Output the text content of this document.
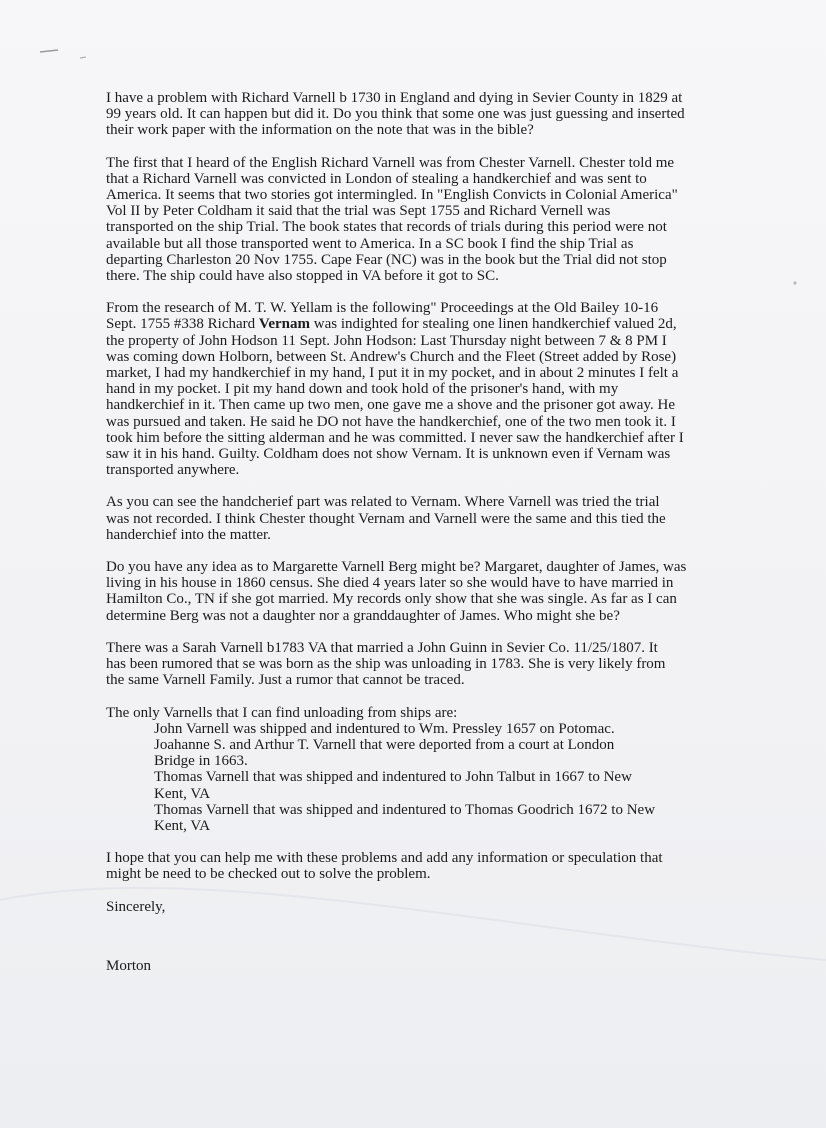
I have a problem with Richard Varnell b 1730 in England and dying in Sevier County in 1829 at
99 years old. It can happen but did it. Do you think that some one was just guessing and inserted
their work paper with the information on the note that was in the bible?
The first that I heard of the English Richard Varnell was from Chester Varnell. Chester told me
that a Richard Varnell was convicted in London of stealing a handkerchief and was sent to
America. It seems that two stories got intermingled. In "English Convicts in Colonial America"
Vol II by Peter Coldham it said that the trial was Sept 1755 and Richard Vernell was
transported on the ship Trial. The book states that records of trials during this period were not
available but all those transported went to America. In a SC book I find the ship Trial as
departing Charleston 20 Nov 1755. Cape Fear (NC) was in the book but the Trial did not stop
there. The ship could have also stopped in VA before it got to SC.
From the research of M. T. W. Yellam is the following" Proceedings at the Old Bailey 10-16
Sept. 1755 #338 Richard Vernam was indighted for stealing one linen handkerchief valued 2d,
the property of John Hodson 11 Sept. John Hodson: Last Thursday night between 7 & 8 PM I
was coming down Holborn, between St. Andrew's Church and the Fleet (Street added by Rose)
market, I had my handkerchief in my hand, I put it in my pocket, and in about 2 minutes I felt a
hand in my pocket. I pit my hand down and took hold of the prisoner's hand, with my
handkerchief in it. Then came up two men, one gave me a shove and the prisoner got away. He
was pursued and taken. He said he DO not have the handkerchief, one of the two men took it. I
took him before the sitting alderman and he was committed. I never saw the handkerchief after I
saw it in his hand. Guilty. Coldham does not show Vernam. It is unknown even if Vernam was
transported anywhere.
As you can see the handcherief part was related to Vernam. Where Varnell was tried the trial
was not recorded. I think Chester thought Vernam and Varnell were the same and this tied the
handerchief into the matter.
Do you have any idea as to Margarette Varnell Berg might be? Margaret, daughter of James, was
living in his house in 1860 census. She died 4 years later so she would have to have married in
Hamilton Co., TN if she got married. My records only show that she was single. As far as I can
determine Berg was not a daughter nor a granddaughter of James. Who might she be?
There was a Sarah Varnell b1783 VA that married a John Guinn in Sevier Co. 11/25/1807. It
has been rumored that se was born as the ship was unloading in 1783. She is very likely from
the same Varnell Family. Just a rumor that cannot be traced.
The only Varnells that I can find unloading from ships are:
John Varnell was shipped and indentured to Wm. Pressley 1657 on Potomac.
Joahanne S. and Arthur T. Varnell that were deported from a court at London
Bridge in 1663.
Thomas Varnell that was shipped and indentured to John Talbut in 1667 to New
Kent, VA
Thomas Varnell that was shipped and indentured to Thomas Goodrich 1672 to New
Kent, VA
I hope that you can help me with these problems and add any information or speculation that
might be need to be checked out to solve the problem.
Sincerely,
Morton
